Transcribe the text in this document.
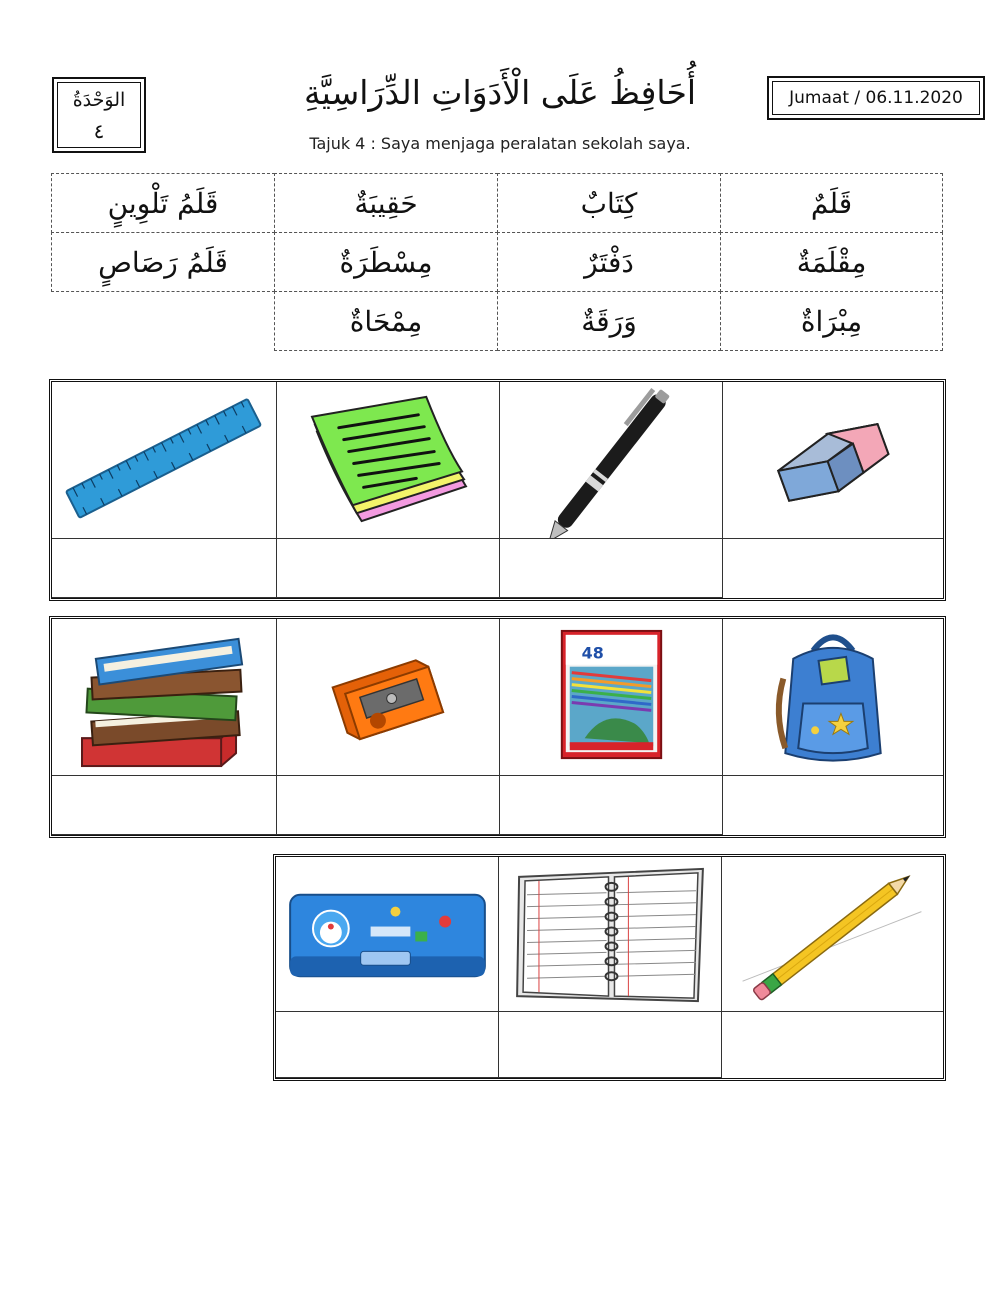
الوَحْدَةُ
٤
أُحَافِظُ عَلَى الْأَدَوَاتِ الدِّرَاسِيَّةِ
Tajuk 4 : Saya menjaga peralatan sekolah saya.
Jumaat / 06.11.2020
قَلَمٌ
كِتَابٌ
حَقِيبَةٌ
قَلَمُ تَلْوِينٍ
مِقْلَمَةٌ
دَفْتَرٌ
مِسْطَرَةٌ
قَلَمُ رَصَاصٍ
مِبْرَاةٌ
وَرَقَةٌ
مِمْحَاةٌ
48
